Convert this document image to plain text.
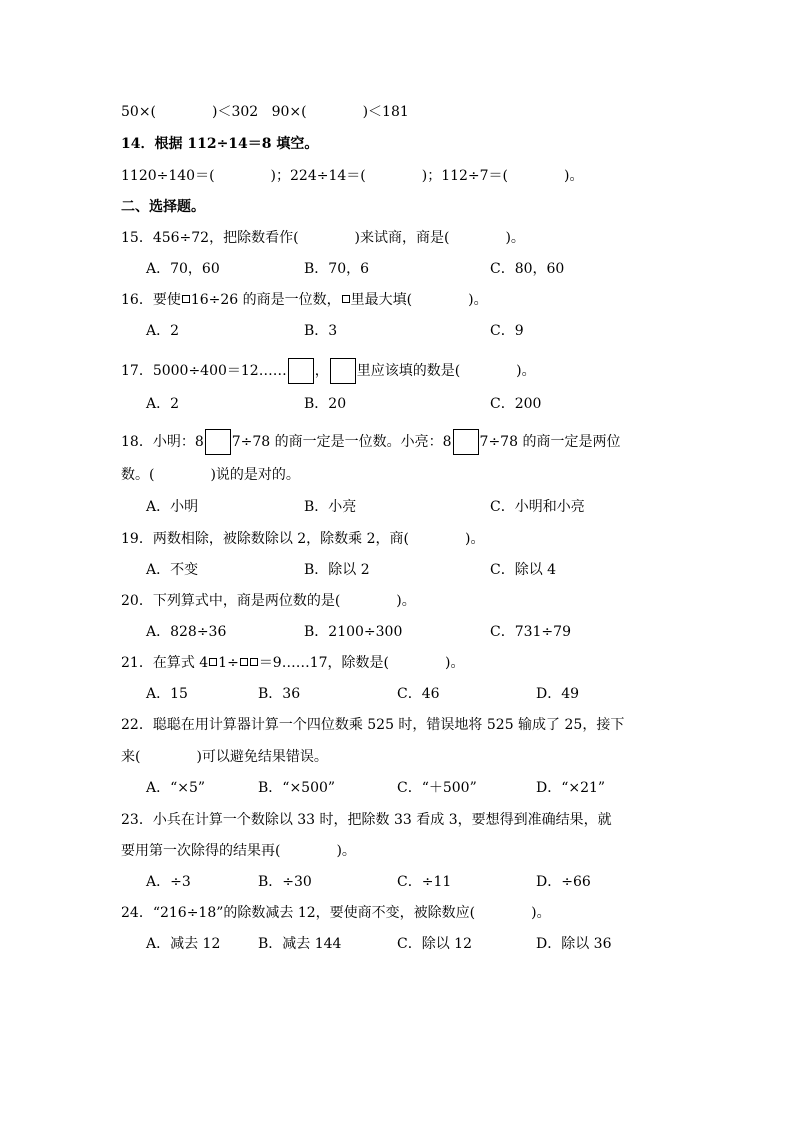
50×(　　　　)＜302 90×(　　　　)＜181
14．根据 112÷14＝8 填空。
1120÷140＝(　　　　)；224÷14＝(　　　　)；112÷7＝(　　　　)。
二、选择题。
15．456÷72，把除数看作(　　　　)来试商，商是(　　　　)。
A．70，60	B．70，6	C．80，60
16．要使 16÷26 的商是一位数， 里最大填(　　　　)。
A．2	B．3	C．9
17．5000÷400＝12…… ， 里应该填的数是(　　　　)。
A．2	B．20	C．200
18．小明：8 7÷78 的商一定是一位数。小亮：8 7÷78 的商一定是两位
数。(　　　　)说的是对的。
A．小明	B．小亮	C．小明和小亮
19．两数相除，被除数除以 2，除数乘 2，商(　　　　)。
A．不变	B．除以 2	C．除以 4
20．下列算式中，商是两位数的是(　　　　)。
A．828÷36	B．2100÷300	C．731÷79
21．在算式 4 1÷ ＝9……17，除数是(　　　　)。
A．15	B．36	C．46	D．49
22．聪聪在用计算器计算一个四位数乘 525 时，错误地将 525 输成了 25，接下
来(　　　　)可以避免结果错误。
A．“×5”	B．“×500”	C．“＋500”	D．“×21”
23．小兵在计算一个数除以 33 时，把除数 33 看成 3，要想得到准确结果，就
要用第一次除得的结果再(　　　　)。
A．÷3	B．÷30	C．÷11	D．÷66
24．“216÷18”的除数减去 12，要使商不变，被除数应(　　　　)。
A．减去 12	B．减去 144	C．除以 12	D．除以 36
